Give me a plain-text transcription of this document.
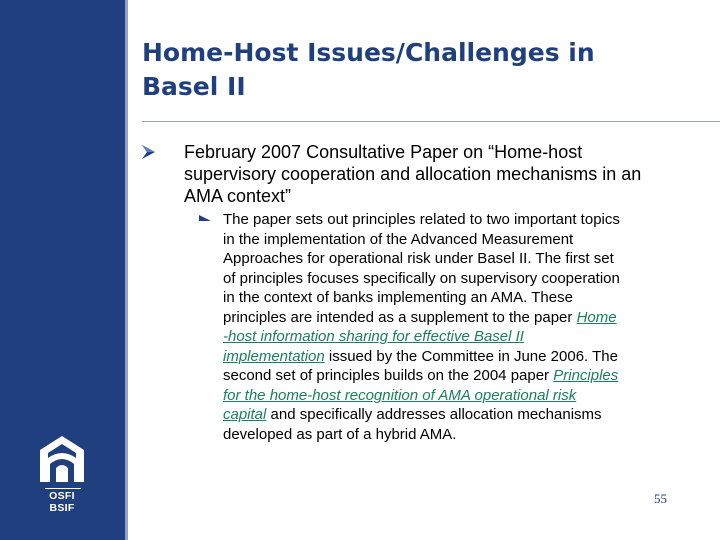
OSFI
BSIF
Home-Host Issues/Challenges in
Basel II
February 2007 Consultative Paper on “Home-host
supervisory cooperation and allocation mechanisms in an
AMA context”
The paper sets out principles related to two important topics
in the implementation of the Advanced Measurement
Approaches for operational risk under Basel II. The first set
of principles focuses specifically on supervisory cooperation
in the context of banks implementing an AMA. These
principles are intended as a supplement to the paper Home
-host information sharing for effective Basel II
implementation issued by the Committee in June 2006. The
second set of principles builds on the 2004 paper Principles
for the home-host recognition of AMA operational risk
capital and specifically addresses allocation mechanisms
developed as part of a hybrid AMA.
55
